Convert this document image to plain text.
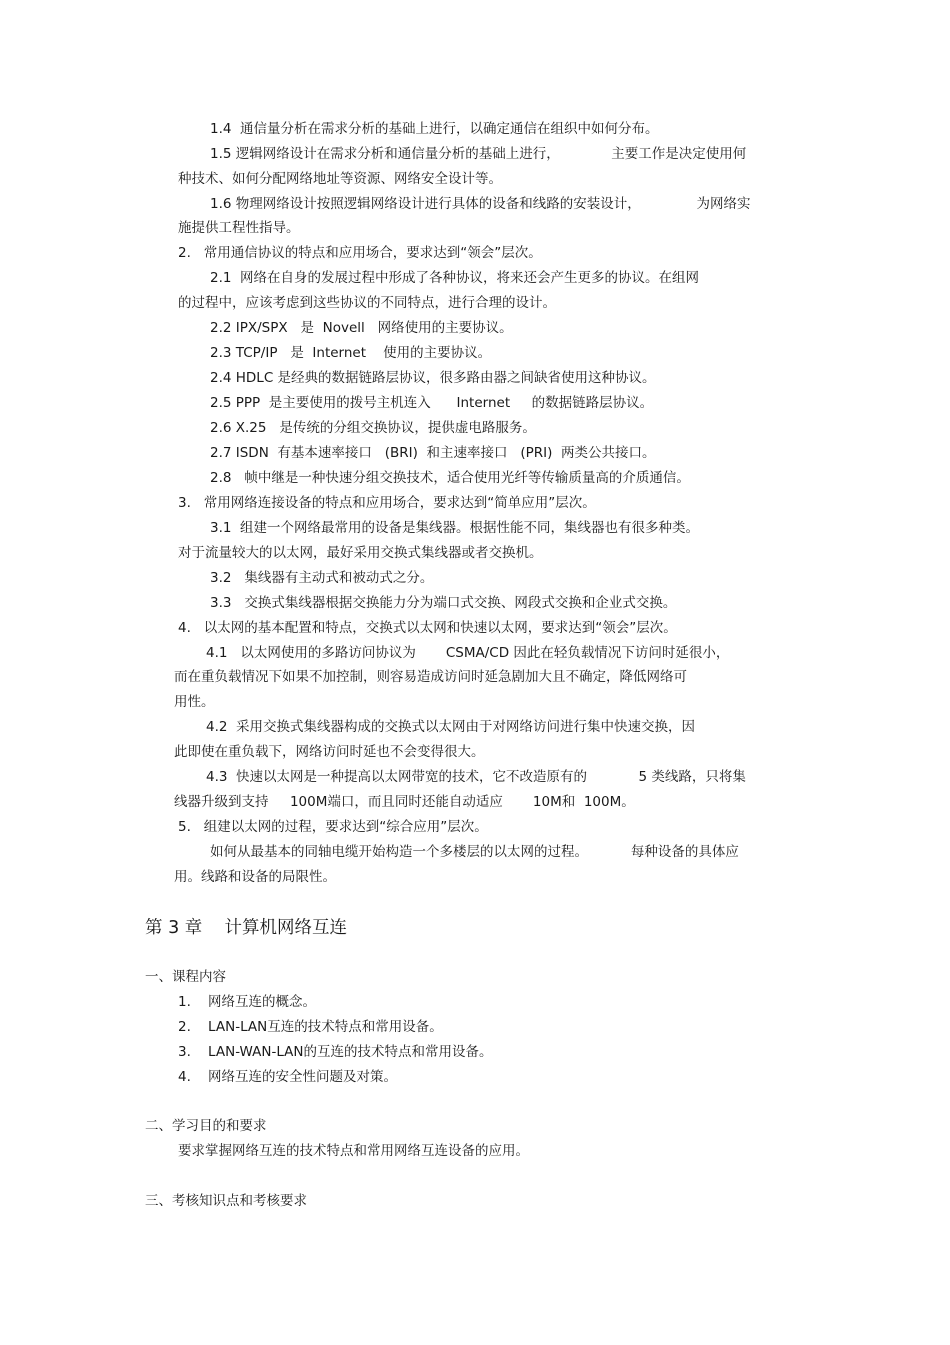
1.4  通信量分析在需求分析的基础上进行，以确定通信在组织中如何分布。
1.5 逻辑网络设计在需求分析和通信量分析的基础上进行，            主要工作是决定使用何
种技术、如何分配网络地址等资源、网络安全设计等。
1.6 物理网络设计按照逻辑网络设计进行具体的设备和线路的安装设计，             为网络实
施提供工程性指导。
2.   常用通信协议的特点和应用场合，要求达到“领会”层次。
2.1  网络在自身的发展过程中形成了各种协议，将来还会产生更多的协议。在组网
的过程中，应该考虑到这些协议的不同特点，进行合理的设计。
2.2 IPX/SPX   是  Novell   网络使用的主要协议。
2.3 TCP/IP   是  Internet    使用的主要协议。
2.4 HDLC 是经典的数据链路层协议，很多路由器之间缺省使用这种协议。
2.5 PPP  是主要使用的拨号主机连入      Internet     的数据链路层协议。
2.6 X.25   是传统的分组交换协议，提供虚电路服务。
2.7 ISDN  有基本速率接口   (BRI)  和主速率接口   (PRI)  两类公共接口。
2.8   帧中继是一种快速分组交换技术，适合使用光纤等传输质量高的介质通信。
3.   常用网络连接设备的特点和应用场合，要求达到“简单应用”层次。
3.1  组建一个网络最常用的设备是集线器。根据性能不同，集线器也有很多种类。
对于流量较大的以太网，最好采用交换式集线器或者交换机。
3.2   集线器有主动式和被动式之分。
3.3   交换式集线器根据交换能力分为端口式交换、网段式交换和企业式交换。
4.   以太网的基本配置和特点，交换式以太网和快速以太网，要求达到“领会”层次。
4.1   以太网使用的多路访问协议为       CSMA/CD 因此在轻负载情况下访问时延很小，
而在重负载情况下如果不加控制，则容易造成访问时延急剧加大且不确定，降低网络可
用性。
4.2  采用交换式集线器构成的交换式以太网由于对网络访问进行集中快速交换，因
此即使在重负载下，网络访问时延也不会变得很大。
4.3  快速以太网是一种提高以太网带宽的技术，它不改造原有的            5 类线路，只将集
线器升级到支持     100M端口，而且同时还能自动适应       10M和  100M。
5.   组建以太网的过程，要求达到“综合应用”层次。
如何从最基本的同轴电缆开始构造一个多楼层的以太网的过程。          每种设备的具体应
用。线路和设备的局限性。
第 3 章    计算机网络互连
一、课程内容
1.    网络互连的概念。
2.    LAN-LAN互连的技术特点和常用设备。
3.    LAN-WAN-LAN的互连的技术特点和常用设备。
4.    网络互连的安全性问题及对策。
二、学习目的和要求
要求掌握网络互连的技术特点和常用网络互连设备的应用。
三、考核知识点和考核要求
